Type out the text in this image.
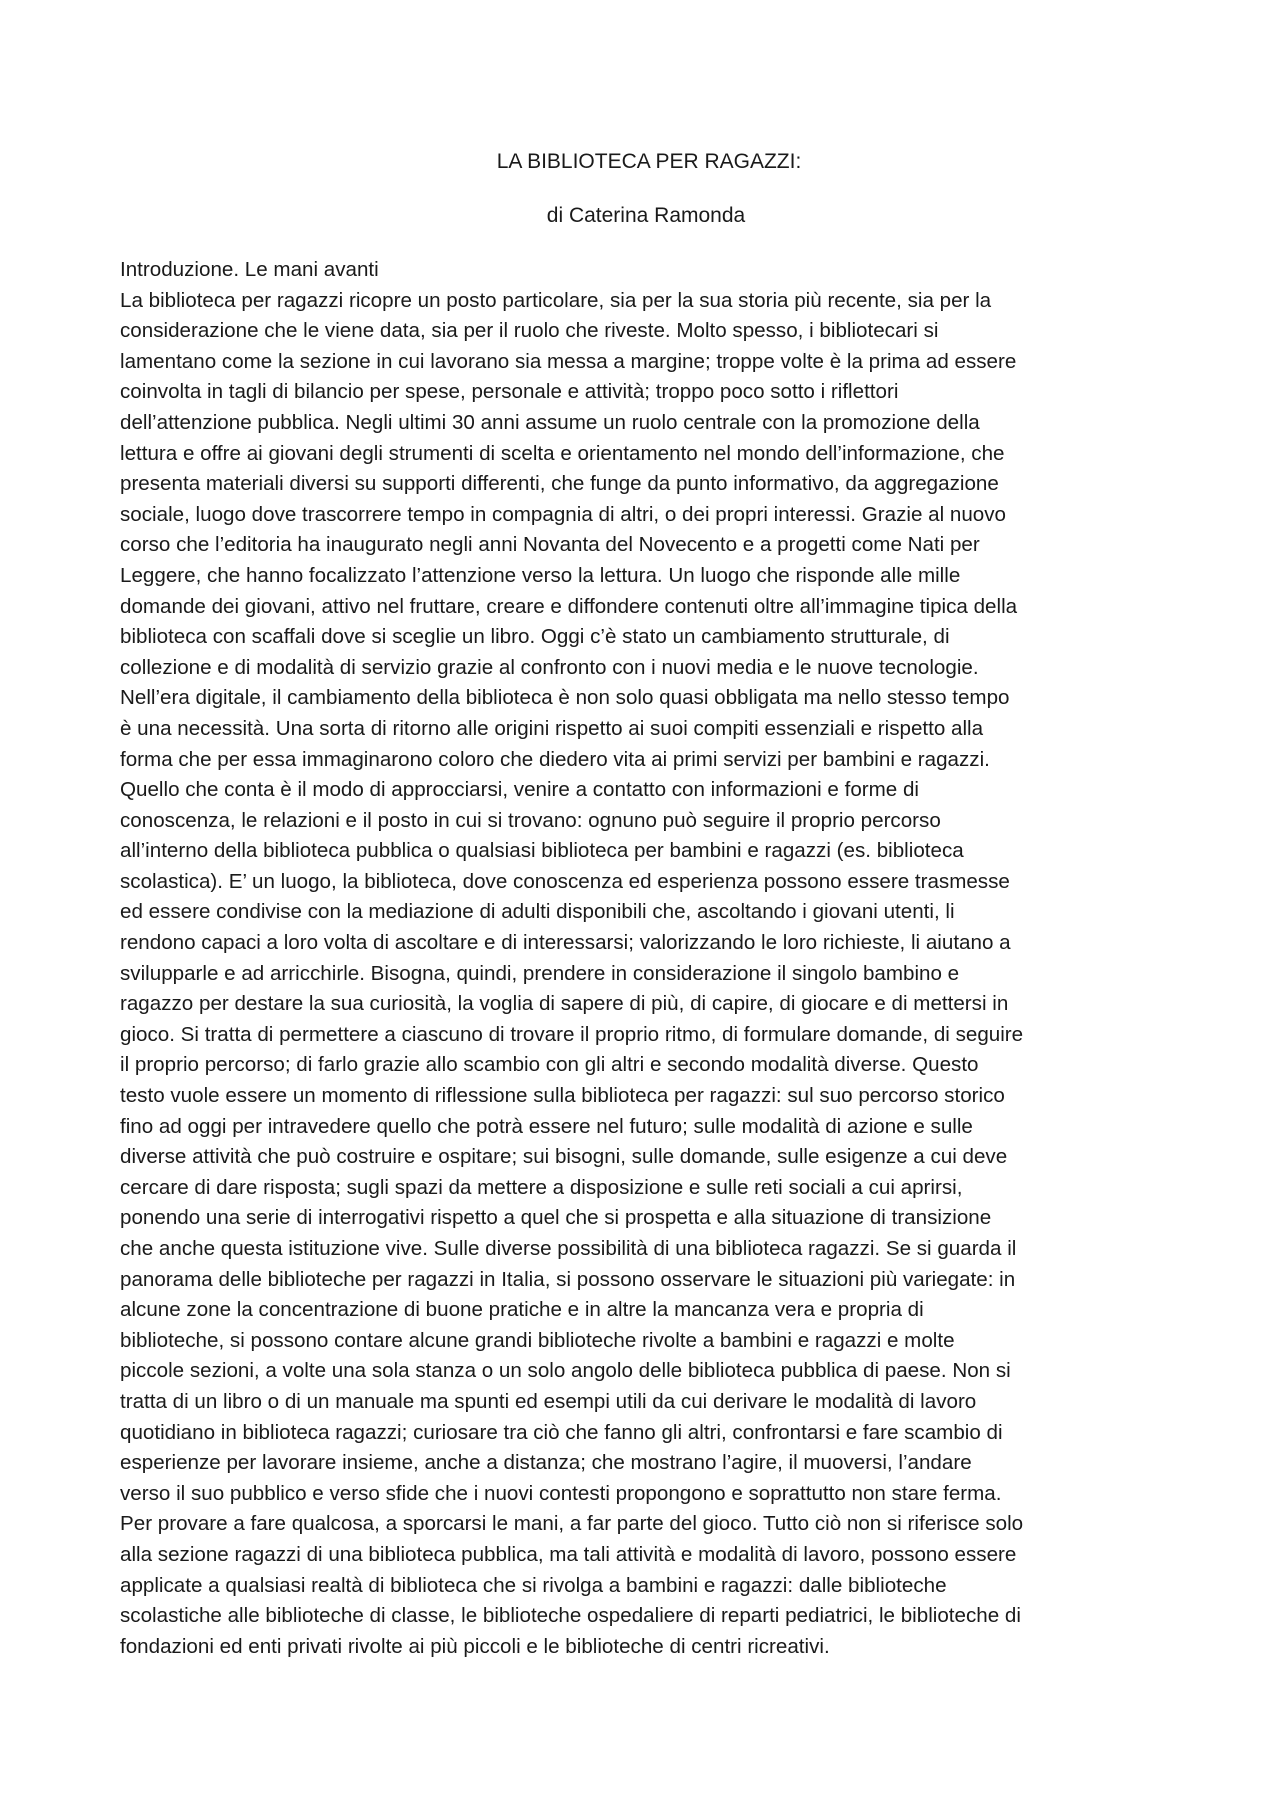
LA BIBLIOTECA PER RAGAZZI:
di Caterina Ramonda
Introduzione. Le mani avanti
La biblioteca per ragazzi ricopre un posto particolare, sia per la sua storia più recente, sia per la
considerazione che le viene data, sia per il ruolo che riveste. Molto spesso, i bibliotecari si
lamentano come la sezione in cui lavorano sia messa a margine; troppe volte è la prima ad essere
coinvolta in tagli di bilancio per spese, personale e attività; troppo poco sotto i riflettori
dell’attenzione pubblica. Negli ultimi 30 anni assume un ruolo centrale con la promozione della
lettura e offre ai giovani degli strumenti di scelta e orientamento nel mondo dell’informazione, che
presenta materiali diversi su supporti differenti, che funge da punto informativo, da aggregazione
sociale, luogo dove trascorrere tempo in compagnia di altri, o dei propri interessi. Grazie al nuovo
corso che l’editoria ha inaugurato negli anni Novanta del Novecento e a progetti come Nati per
Leggere, che hanno focalizzato l’attenzione verso la lettura. Un luogo che risponde alle mille
domande dei giovani, attivo nel fruttare, creare e diffondere contenuti oltre all’immagine tipica della
biblioteca con scaffali dove si sceglie un libro. Oggi c’è stato un cambiamento strutturale, di
collezione e di modalità di servizio grazie al confronto con i nuovi media e le nuove tecnologie.
Nell’era digitale, il cambiamento della biblioteca è non solo quasi obbligata ma nello stesso tempo
è una necessità. Una sorta di ritorno alle origini rispetto ai suoi compiti essenziali e rispetto alla
forma che per essa immaginarono coloro che diedero vita ai primi servizi per bambini e ragazzi.
Quello che conta è il modo di approcciarsi, venire a contatto con informazioni e forme di
conoscenza, le relazioni e il posto in cui si trovano: ognuno può seguire il proprio percorso
all’interno della biblioteca pubblica o qualsiasi biblioteca per bambini e ragazzi (es. biblioteca
scolastica). E’ un luogo, la biblioteca, dove conoscenza ed esperienza possono essere trasmesse
ed essere condivise con la mediazione di adulti disponibili che, ascoltando i giovani utenti, li
rendono capaci a loro volta di ascoltare e di interessarsi; valorizzando le loro richieste, li aiutano a
svilupparle e ad arricchirle. Bisogna, quindi, prendere in considerazione il singolo bambino e
ragazzo per destare la sua curiosità, la voglia di sapere di più, di capire, di giocare e di mettersi in
gioco. Si tratta di permettere a ciascuno di trovare il proprio ritmo, di formulare domande, di seguire
il proprio percorso; di farlo grazie allo scambio con gli altri e secondo modalità diverse. Questo
testo vuole essere un momento di riflessione sulla biblioteca per ragazzi: sul suo percorso storico
fino ad oggi per intravedere quello che potrà essere nel futuro; sulle modalità di azione e sulle
diverse attività che può costruire e ospitare; sui bisogni, sulle domande, sulle esigenze a cui deve
cercare di dare risposta; sugli spazi da mettere a disposizione e sulle reti sociali a cui aprirsi,
ponendo una serie di interrogativi rispetto a quel che si prospetta e alla situazione di transizione
che anche questa istituzione vive. Sulle diverse possibilità di una biblioteca ragazzi. Se si guarda il
panorama delle biblioteche per ragazzi in Italia, si possono osservare le situazioni più variegate: in
alcune zone la concentrazione di buone pratiche e in altre la mancanza vera e propria di
biblioteche, si possono contare alcune grandi biblioteche rivolte a bambini e ragazzi e molte
piccole sezioni, a volte una sola stanza o un solo angolo delle biblioteca pubblica di paese. Non si
tratta di un libro o di un manuale ma spunti ed esempi utili da cui derivare le modalità di lavoro
quotidiano in biblioteca ragazzi; curiosare tra ciò che fanno gli altri, confrontarsi e fare scambio di
esperienze per lavorare insieme, anche a distanza; che mostrano l’agire, il muoversi, l’andare
verso il suo pubblico e verso sfide che i nuovi contesti propongono e soprattutto non stare ferma.
Per provare a fare qualcosa, a sporcarsi le mani, a far parte del gioco. Tutto ciò non si riferisce solo
alla sezione ragazzi di una biblioteca pubblica, ma tali attività e modalità di lavoro, possono essere
applicate a qualsiasi realtà di biblioteca che si rivolga a bambini e ragazzi: dalle biblioteche
scolastiche alle biblioteche di classe, le biblioteche ospedaliere di reparti pediatrici, le biblioteche di
fondazioni ed enti privati rivolte ai più piccoli e le biblioteche di centri ricreativi.
